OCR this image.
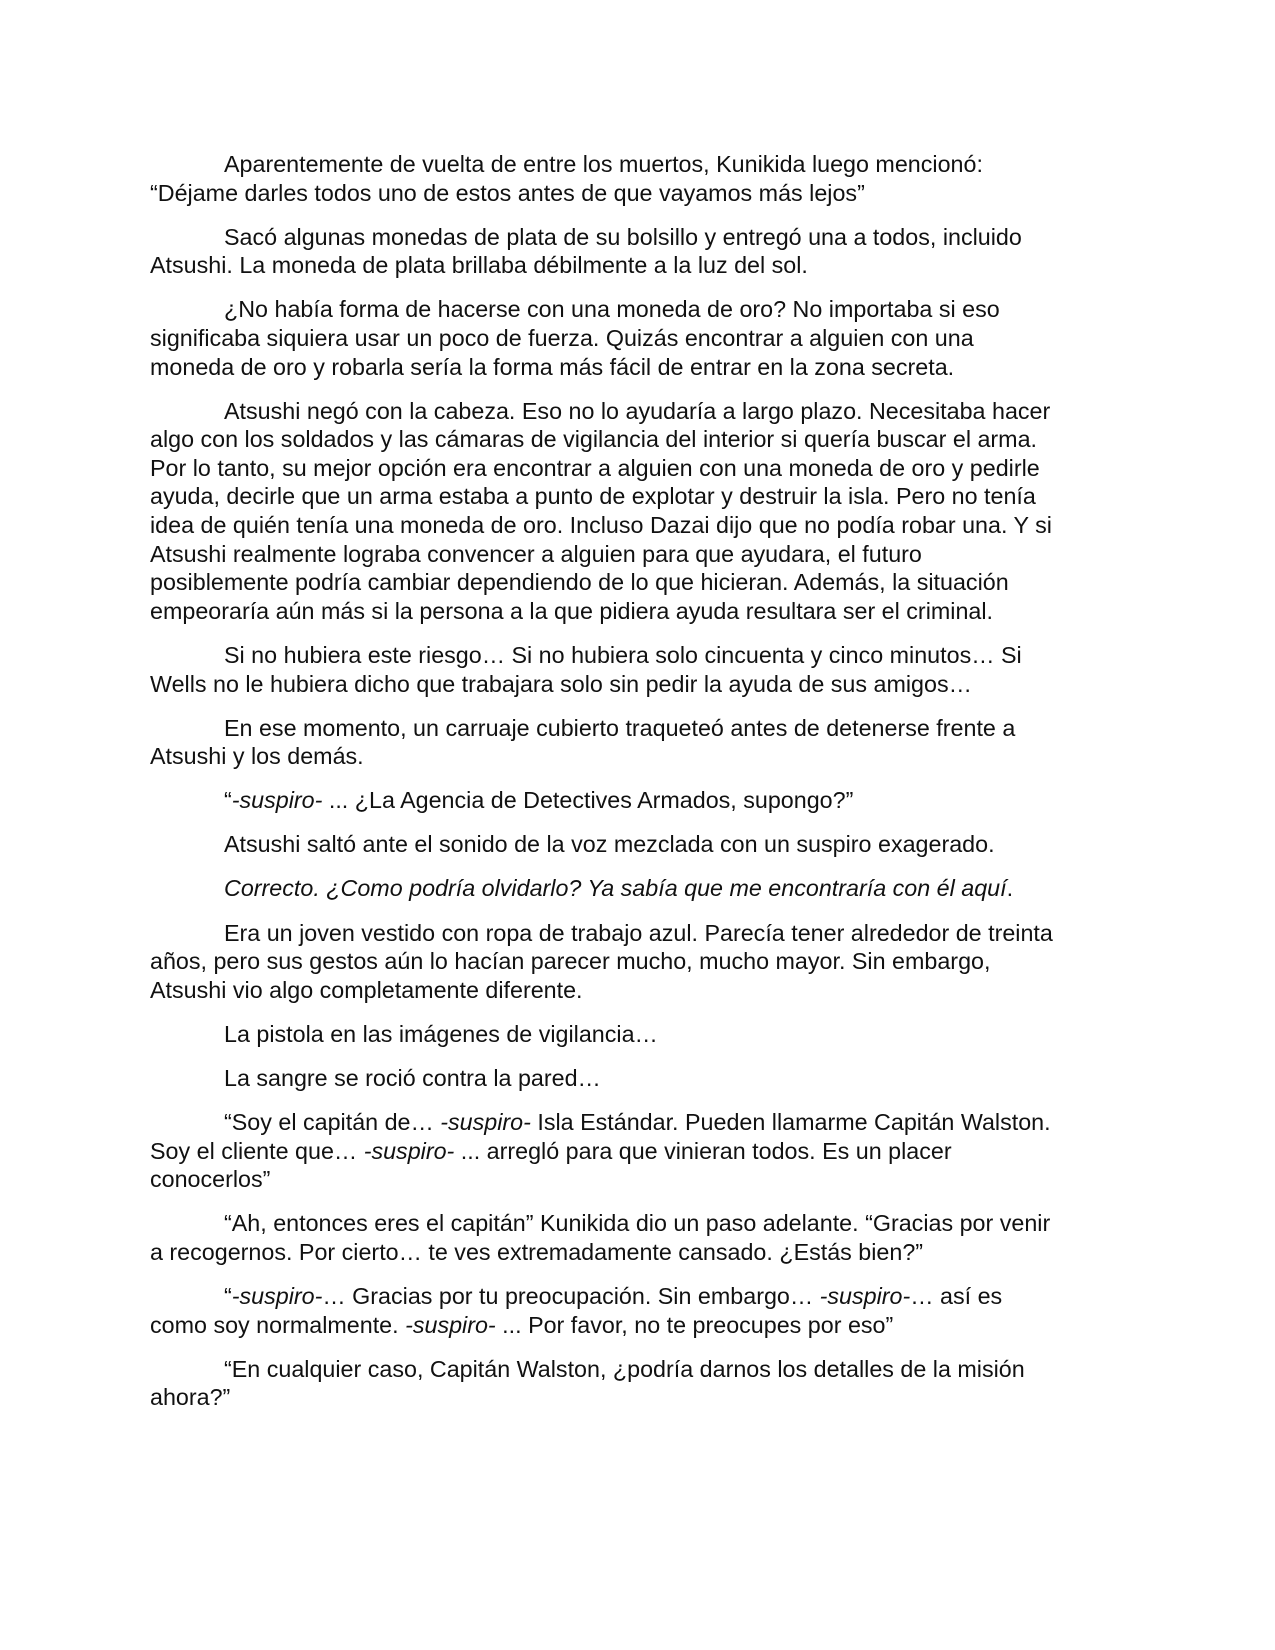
Aparentemente de vuelta de entre los muertos, Kunikida luego mencionó:
“Déjame darles todos uno de estos antes de que vayamos más lejos”

Sacó algunas monedas de plata de su bolsillo y entregó una a todos, incluido
Atsushi. La moneda de plata brillaba débilmente a la luz del sol.

¿No había forma de hacerse con una moneda de oro? No importaba si eso
significaba siquiera usar un poco de fuerza. Quizás encontrar a alguien con una
moneda de oro y robarla sería la forma más fácil de entrar en la zona secreta.

Atsushi negó con la cabeza. Eso no lo ayudaría a largo plazo. Necesitaba hacer
algo con los soldados y las cámaras de vigilancia del interior si quería buscar el arma.
Por lo tanto, su mejor opción era encontrar a alguien con una moneda de oro y pedirle
ayuda, decirle que un arma estaba a punto de explotar y destruir la isla. Pero no tenía
idea de quién tenía una moneda de oro. Incluso Dazai dijo que no podía robar una. Y si
Atsushi realmente lograba convencer a alguien para que ayudara, el futuro
posiblemente podría cambiar dependiendo de lo que hicieran. Además, la situación
empeoraría aún más si la persona a la que pidiera ayuda resultara ser el criminal.

Si no hubiera este riesgo… Si no hubiera solo cincuenta y cinco minutos… Si
Wells no le hubiera dicho que trabajara solo sin pedir la ayuda de sus amigos…

En ese momento, un carruaje cubierto traqueteó antes de detenerse frente a
Atsushi y los demás.

“-suspiro- ... ¿La Agencia de Detectives Armados, supongo?”

Atsushi saltó ante el sonido de la voz mezclada con un suspiro exagerado.

Correcto. ¿Como podría olvidarlo? Ya sabía que me encontraría con él aquí.

Era un joven vestido con ropa de trabajo azul. Parecía tener alrededor de treinta
años, pero sus gestos aún lo hacían parecer mucho, mucho mayor. Sin embargo,
Atsushi vio algo completamente diferente.

La pistola en las imágenes de vigilancia…

La sangre se roció contra la pared…

“Soy el capitán de… -suspiro- Isla Estándar. Pueden llamarme Capitán Walston.
Soy el cliente que… -suspiro- ... arregló para que vinieran todos. Es un placer
conocerlos”

“Ah, entonces eres el capitán” Kunikida dio un paso adelante. “Gracias por venir
a recogernos. Por cierto… te ves extremadamente cansado. ¿Estás bien?”

“-suspiro-… Gracias por tu preocupación. Sin embargo… -suspiro-… así es
como soy normalmente. -suspiro- ... Por favor, no te preocupes por eso”

“En cualquier caso, Capitán Walston, ¿podría darnos los detalles de la misión
ahora?”
